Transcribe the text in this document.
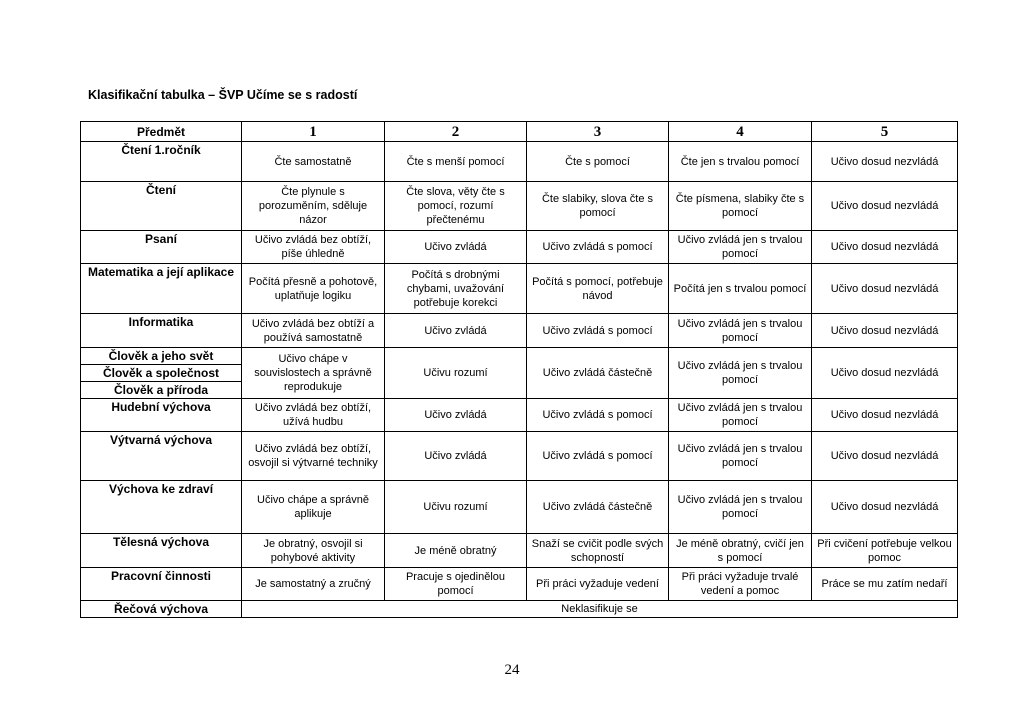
Klasifikační tabulka – ŠVP Učíme se s radostí
Předmět	1	2	3	4	5
Čtení 1.ročník	Čte samostatně	Čte s menší pomocí	Čte s pomocí	Čte jen s trvalou pomocí	Učivo dosud nezvládá
Čtení	Čte plynule s porozuměním, sděluje názor	Čte slova, věty čte s pomocí, rozumí přečtenému	Čte slabiky, slova čte s pomocí	Čte písmena, slabiky čte s pomocí	Učivo dosud nezvládá
Psaní	Učivo zvládá bez obtíží, píše úhledně	Učivo zvládá	Učivo zvládá s pomocí	Učivo zvládá jen s trvalou pomocí	Učivo dosud nezvládá
Matematika a její aplikace	Počítá přesně a pohotově, uplatňuje logiku	Počítá s drobnými chybami, uvažování potřebuje korekci	Počítá s pomocí, potřebuje návod	Počítá jen s trvalou pomocí	Učivo dosud nezvládá
Informatika	Učivo zvládá bez obtíží a používá samostatně	Učivo zvládá	Učivo zvládá s pomocí	Učivo zvládá jen s trvalou pomocí	Učivo dosud nezvládá
Člověk a jeho svět	Učivo chápe v souvislostech a správně reprodukuje	Učivu rozumí	Učivo zvládá částečně	Učivo zvládá jen s trvalou pomocí	Učivo dosud nezvládá
Člověk a společnost					
Člověk a příroda					
Hudební výchova	Učivo zvládá bez obtíží, užívá hudbu	Učivo zvládá	Učivo zvládá s pomocí	Učivo zvládá jen s trvalou pomocí	Učivo dosud nezvládá
Výtvarná výchova	Učivo zvládá bez obtíží, osvojil si výtvarné techniky	Učivo zvládá	Učivo zvládá s pomocí	Učivo zvládá jen s trvalou pomocí	Učivo dosud nezvládá
Výchova ke zdraví	Učivo chápe a správně aplikuje	Učivu rozumí	Učivo zvládá částečně	Učivo zvládá jen s trvalou pomocí	Učivo dosud nezvládá
Tělesná výchova	Je obratný, osvojil si pohybové aktivity	Je méně obratný	Snaží se cvičit podle svých schopností	Je méně obratný, cvičí jen s pomocí	Při cvičení potřebuje velkou pomoc
Pracovní činnosti	Je samostatný a zručný	Pracuje s ojedinělou pomocí	Při práci vyžaduje vedení	Při práci vyžaduje trvalé vedení a pomoc	Práce se mu zatím nedaří
Řečová výchova	Neklasifikuje se				
24
